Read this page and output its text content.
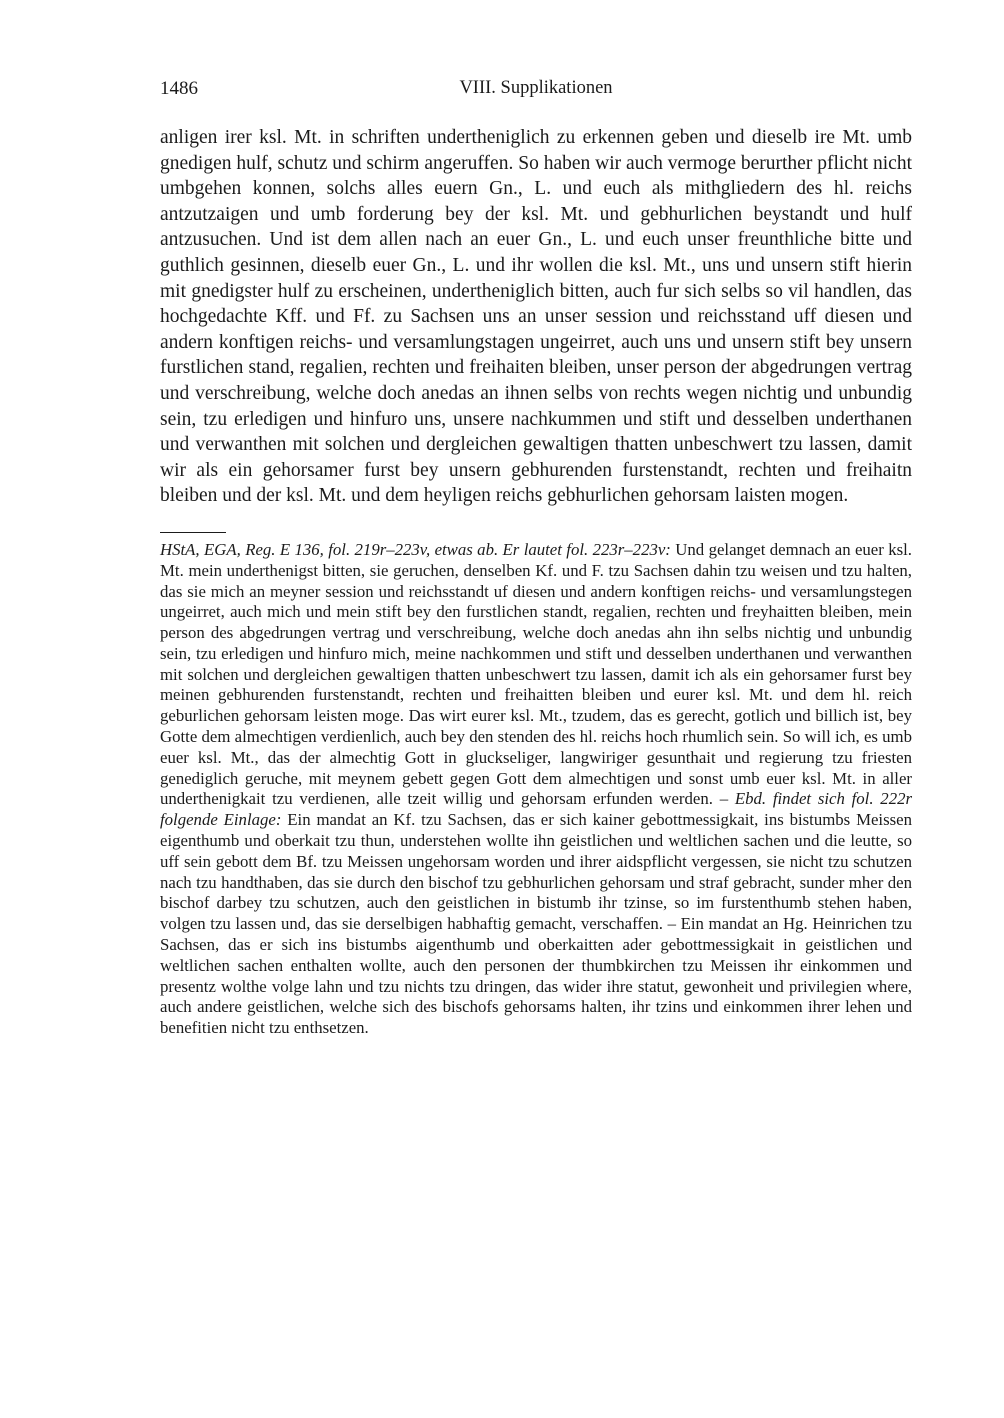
1486	VIII. Supplikationen

anligen irer ksl. Mt. in schriften undertheniglich zu erkennen geben und dieselb ire Mt. umb gnedigen hulf, schutz und schirm angeruffen. So haben wir auch vermoge berurther pflicht nicht umbgehen konnen, solchs alles euern Gn., L. und euch als mithgliedern des hl. reichs antzutzaigen und umb forderung bey der ksl. Mt. und gebhurlichen beystandt und hulf antzusuchen. Und ist dem allen nach an euer Gn., L. und euch unser freunthliche bitte und guthlich gesinnen, dieselb euer Gn., L. und ihr wollen die ksl. Mt., uns und unsern stift hierin mit gnedigster hulf zu erscheinen, undertheniglich bitten, auch fur sich selbs so vil handlen, das hochgedachte Kff. und Ff. zu Sachsen uns an unser session und reichsstand uff diesen und andern konftigen reichs- und versamlungstagen ungeirret, auch uns und unsern stift bey unsern furstlichen stand, regalien, rechten und freihaiten bleiben, unser person der abgedrungen vertrag und verschreibung, welche doch anedas an ihnen selbs von rechts wegen nichtig und unbundig sein, tzu erledigen und hinfuro uns, unsere nachkummen und stift und desselben underthanen und verwanthen mit solchen und dergleichen gewaltigen thatten unbeschwert tzu lassen, damit wir als ein gehorsamer furst bey unsern gebhurenden furstenstandt, rechten und freihaitn bleiben und der ksl. Mt. und dem heyligen reichs gebhurlichen gehorsam laisten mogen.

HStA, EGA, Reg. E 136, fol. 219r–223v, etwas ab. Er lautet fol. 223r–223v: Und gelanget demnach an euer ksl. Mt. mein underthenigst bitten, sie geruchen, denselben Kf. und F. tzu Sachsen dahin tzu weisen und tzu halten, das sie mich an meyner session und reichsstandt uf diesen und andern konftigen reichs- und versamlungstegen ungeirret, auch mich und mein stift bey den furstlichen standt, regalien, rechten und freyhaitten bleiben, mein person des abgedrungen vertrag und verschreibung, welche doch anedas ahn ihn selbs nichtig und unbundig sein, tzu erledigen und hinfuro mich, meine nachkommen und stift und desselben underthanen und verwanthen mit solchen und dergleichen gewaltigen thatten unbeschwert tzu lassen, damit ich als ein gehorsamer furst bey meinen gebhurenden furstenstandt, rechten und freihaitten bleiben und eurer ksl. Mt. und dem hl. reich geburlichen gehorsam leisten moge. Das wirt eurer ksl. Mt., tzudem, das es gerecht, gotlich und billich ist, bey Gotte dem almechtigen verdienlich, auch bey den stenden des hl. reichs hoch rhumlich sein. So will ich, es umb euer ksl. Mt., das der almechtig Gott in gluckseliger, langwiriger gesunthait und regierung tzu friesten genediglich geruche, mit meynem gebett gegen Gott dem almechtigen und sonst umb euer ksl. Mt. in aller underthenigkait tzu verdienen, alle tzeit willig und gehorsam erfunden werden. – Ebd. findet sich fol. 222r folgende Einlage: Ein mandat an Kf. tzu Sachsen, das er sich kainer gebottmessigkait, ins bistumbs Meissen eigenthumb und oberkait tzu thun, understehen wollte ihn geistlichen und weltlichen sachen und die leutte, so uff sein gebott dem Bf. tzu Meissen ungehorsam worden und ihrer aidspflicht vergessen, sie nicht tzu schutzen nach tzu handthaben, das sie durch den bischof tzu gebhurlichen gehorsam und straf gebracht, sunder mher den bischof darbey tzu schutzen, auch den geistlichen in bistumb ihr tzinse, so im furstenthumb stehen haben, volgen tzu lassen und, das sie derselbigen habhaftig gemacht, verschaffen. – Ein mandat an Hg. Heinrichen tzu Sachsen, das er sich ins bistumbs aigenthumb und oberkaitten ader gebottmessigkait in geistlichen und weltlichen sachen enthalten wollte, auch den personen der thumbkirchen tzu Meissen ihr einkommen und presentz wolthe volge lahn und tzu nichts tzu dringen, das wider ihre statut, gewonheit und privilegien where, auch andere geistlichen, welche sich des bischofs gehorsams halten, ihr tzins und einkommen ihrer lehen und benefitien nicht tzu enthsetzen.
